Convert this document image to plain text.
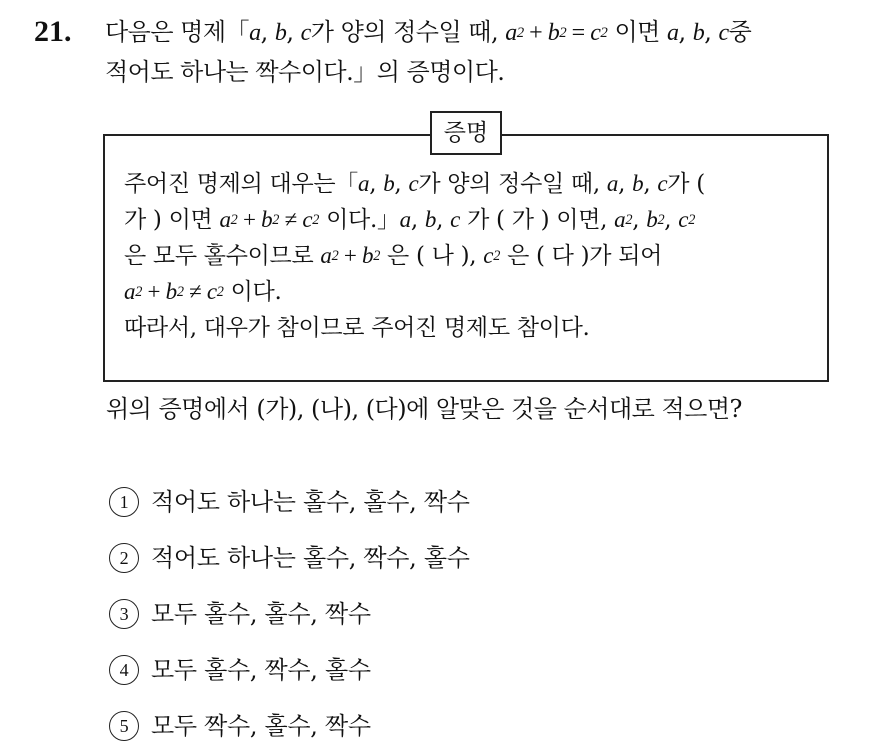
21. 다음은 명제「a, b, c가 양의 정수일 때, $a^2 + b^2 = c^2$ 이면 a, b, c중
적어도 하나는 짝수이다.」의 증명이다.
증명
주어진 명제의 대우는「a, b, c가 양의 정수일 때, a, b, c가 (
가 ) 이면 $a^2 + b^2 \ne c^2$ 이다.」a, b, c 가 ( 가 ) 이면, $a^2$, $b^2$, $c^2$
은 모두 홀수이므로 $a^2 + b^2$ 은 ( 나 ), $c^2$ 은 ( 다 )가 되어
$a^2 + b^2 \ne c^2$ 이다.
따라서, 대우가 참이므로 주어진 명제도 참이다.
위의 증명에서 (가), (나), (다)에 알맞은 것을 순서대로 적으면?
1 적어도 하나는 홀수, 홀수, 짝수
2 적어도 하나는 홀수, 짝수, 홀수
3 모두 홀수, 홀수, 짝수
4 모두 홀수, 짝수, 홀수
5 모두 짝수, 홀수, 짝수
